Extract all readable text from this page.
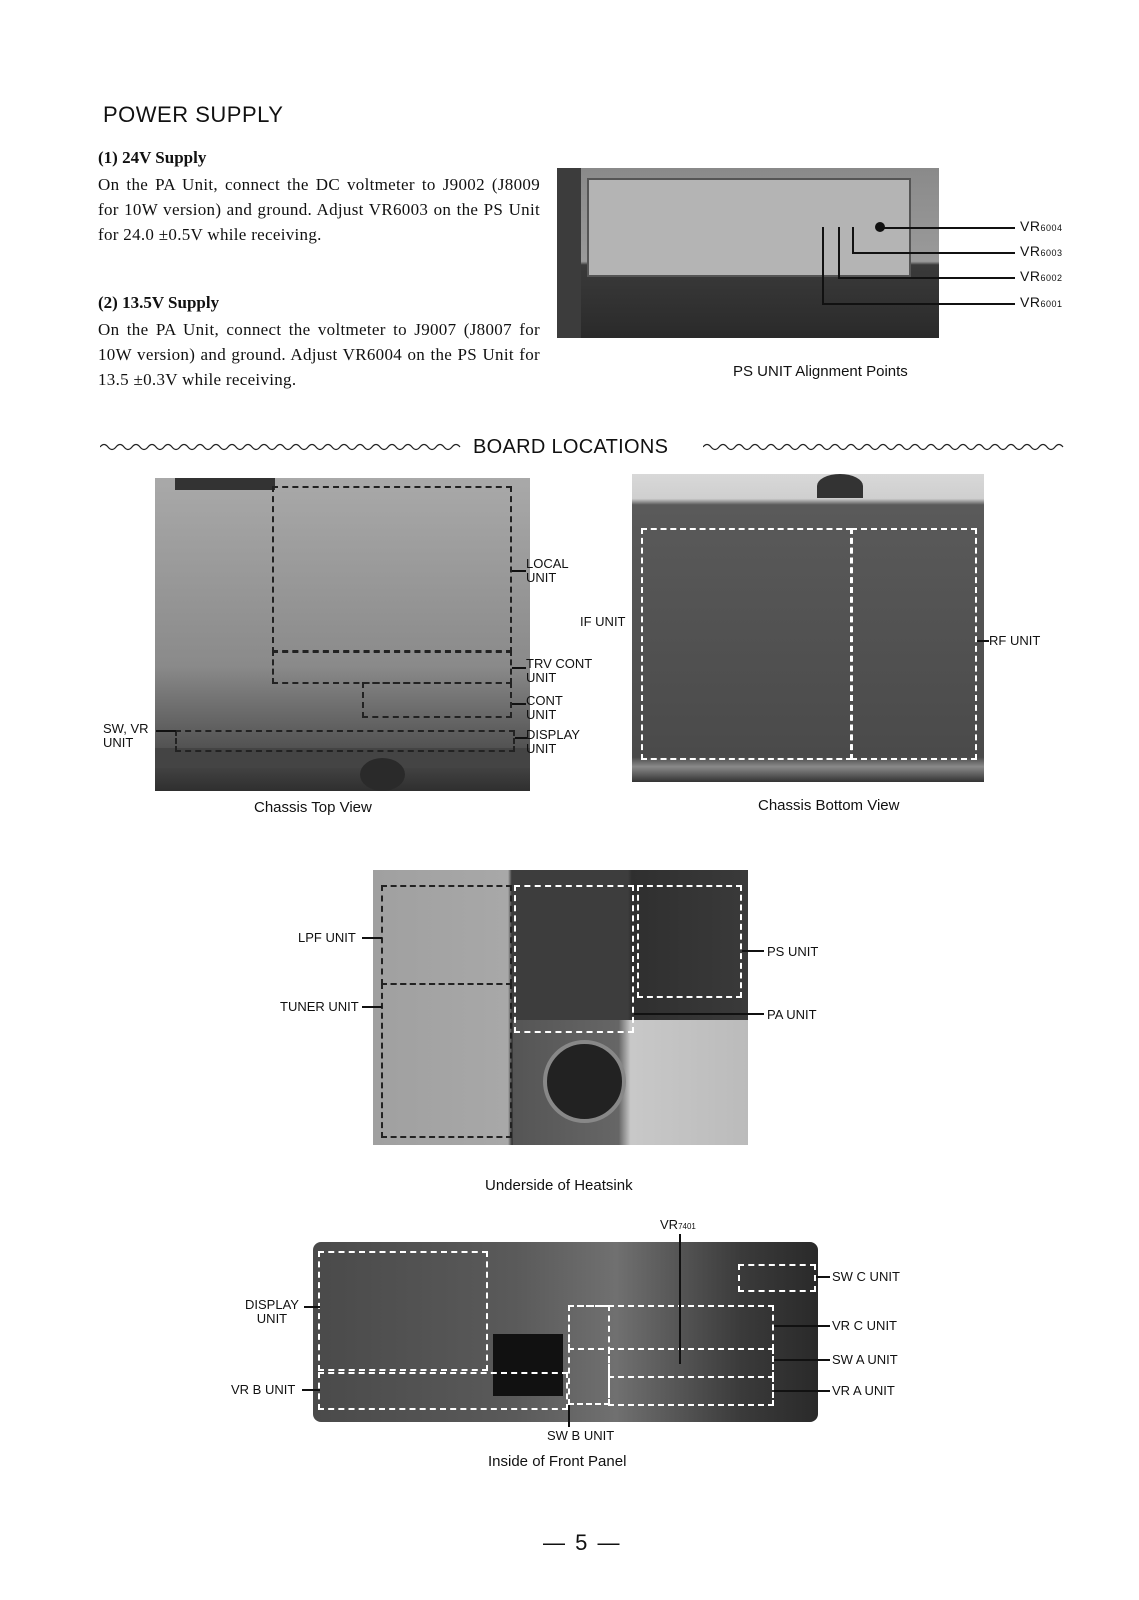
POWER SUPPLY
(1) 24V Supply
On the PA Unit, connect the DC voltmeter to J9002 (J8009 for 10W version) and ground. Adjust VR6003 on the PS Unit for 24.0 ±0.5V while receiving.
(2) 13.5V Supply
On the PA Unit, connect the voltmeter to J9007 (J8007 for 10W version) and ground. Adjust VR6004 on the PS Unit for 13.5 ±0.3V while receiving.
VR6004
VR6003
VR6002
VR6001
PS UNIT Alignment Points
BOARD LOCATIONS
LOCAL
UNIT
TRV CONT
UNIT
CONT
UNIT
DISPLAY
UNIT
SW, VR
UNIT
IF UNIT
Chassis Top View
RF UNIT
Chassis Bottom View
LPF UNIT
TUNER UNIT
PS UNIT
PA UNIT
Underside of Heatsink
VR7401
DISPLAY
UNIT
VR B UNIT
SW B UNIT
SW C UNIT
VR C UNIT
SW A UNIT
VR A UNIT
Inside of Front Panel
— 5 —
